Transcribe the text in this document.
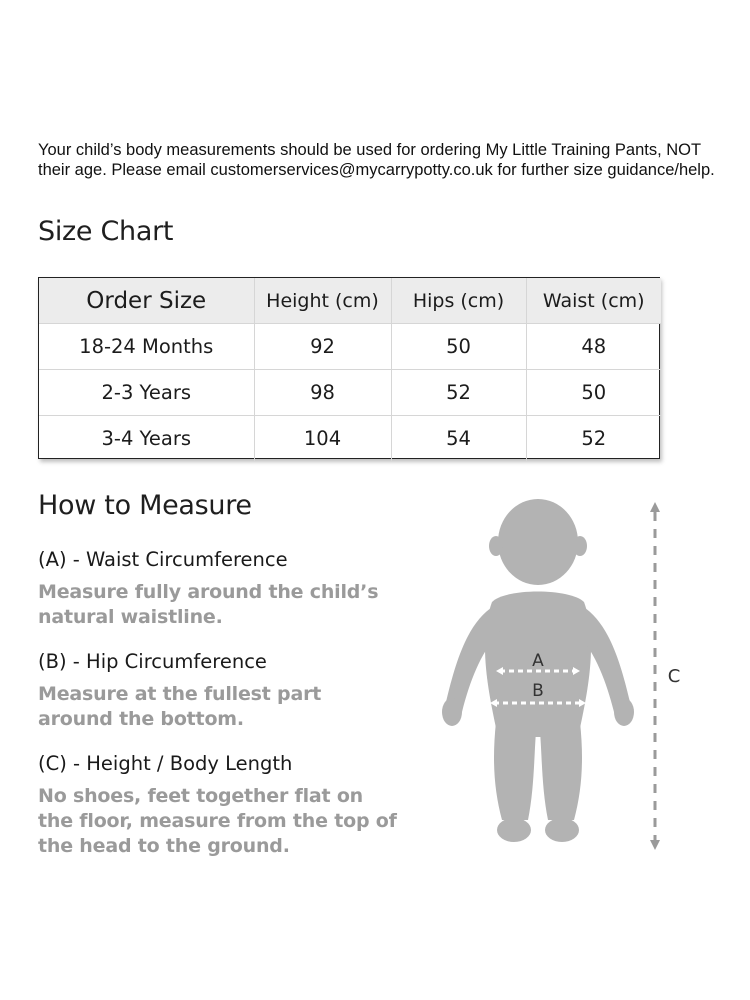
Your child’s body measurements should be used for ordering My Little Training Pants, NOT their age. Please email customerservices@mycarrypotty.co.uk for further size guidance/help.

Size Chart
Order Size	Height (cm)	Hips (cm)	Waist (cm)
18-24 Months	92	50	48
2-3 Years	98	52	50
3-4 Years	104	54	52
How to Measure

(A) - Waist Circumference

Measure fully around the child’s natural waistline.

(B) - Hip Circumference

Measure at the fullest part around the bottom.

(C) - Height / Body Length

No shoes, feet together flat on the floor, measure from the top of the head to the ground.

A
B
C
